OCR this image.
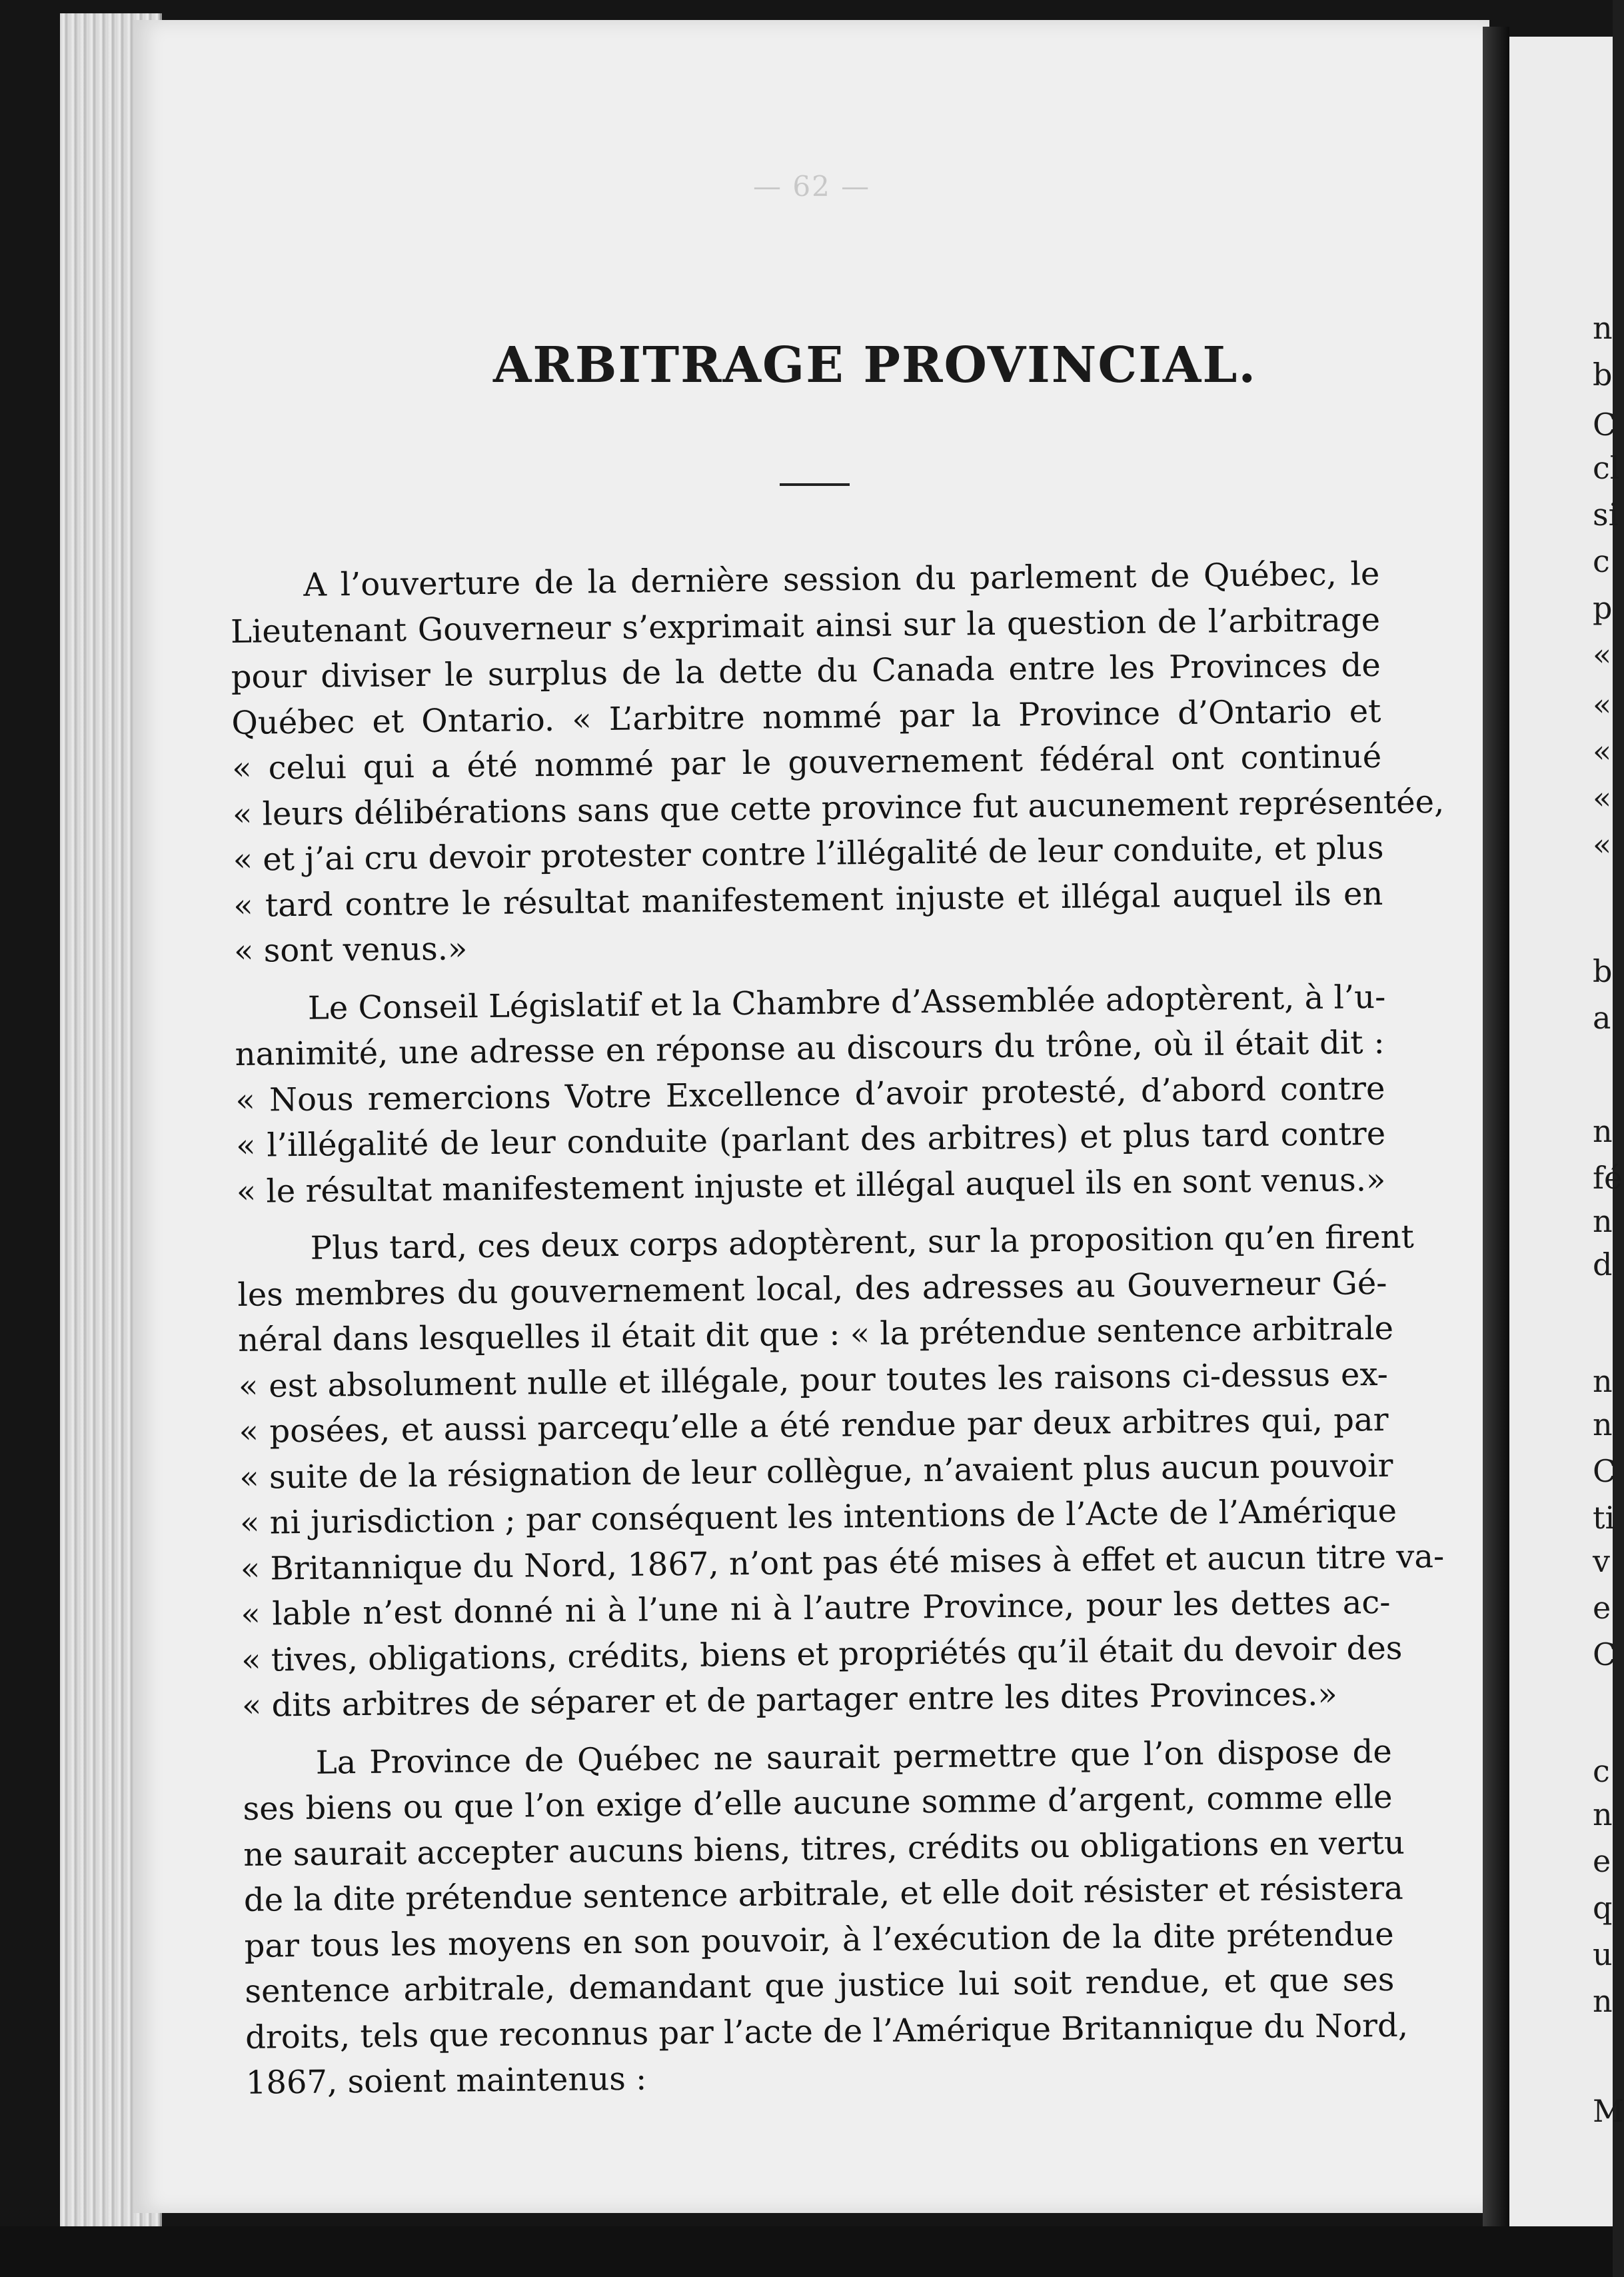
— 62 —
ARBITRAGE PROVINCIAL.

A l’ouverture de la dernière session du parlement de Québec, le
Lieutenant Gouverneur s’exprimait ainsi sur la question de l’arbitrage
pour diviser le surplus de la dette du Canada entre les Provinces de
Québec et Ontario. « L’arbitre nommé par la Province d’Ontario et
« celui qui a été nommé par le gouvernement fédéral ont continué
« leurs délibérations sans que cette province fut aucunement représentée,
« et j’ai cru devoir protester contre l’illégalité de leur conduite, et plus
« tard contre le résultat manifestement injuste et illégal auquel ils en
« sont venus.»

Le Conseil Législatif et la Chambre d’Assemblée adoptèrent, à l’u-
nanimité, une adresse en réponse au discours du trône, où il était dit :
« Nous remercions Votre Excellence d’avoir protesté, d’abord contre
« l’illégalité de leur conduite (parlant des arbitres) et plus tard contre
« le résultat manifestement injuste et illégal auquel ils en sont venus.»

Plus tard, ces deux corps adoptèrent, sur la proposition qu’en firent
les membres du gouvernement local, des adresses au Gouverneur Gé-
néral dans lesquelles il était dit que : « la prétendue sentence arbitrale
« est absolument nulle et illégale, pour toutes les raisons ci-dessus ex-
« posées, et aussi parcequ’elle a été rendue par deux arbitres qui, par
« suite de la résignation de leur collègue, n’avaient plus aucun pouvoir
« ni jurisdiction ; par conséquent les intentions de l’Acte de l’Amérique
« Britannique du Nord, 1867, n’ont pas été mises à effet et aucun titre va-
« lable n’est donné ni à l’une ni à l’autre Province, pour les dettes ac-
« tives, obligations, crédits, biens et propriétés qu’il était du devoir des
« dits arbitres de séparer et de partager entre les dites Provinces.»

La Province de Québec ne saurait permettre que l’on dispose de
ses biens ou que l’on exige d’elle aucune somme d’argent, comme elle
ne saurait accepter aucuns biens, titres, crédits ou obligations en vertu
de la dite prétendue sentence arbitrale, et elle doit résister et résistera
par tous les moyens en son pouvoir, à l’exécution de la dite prétendue
sentence arbitrale, demandant que justice lui soit rendue, et que ses
droits, tels que reconnus par l’acte de l’Amérique Britannique du Nord,
1867, soient maintenus :

n
b
C
cl
si
c
p
«
«
«
«
«
b
a
n
fé
n
d
n
n
C
ti
v
e
C
c
n
e
q
u
n
M
